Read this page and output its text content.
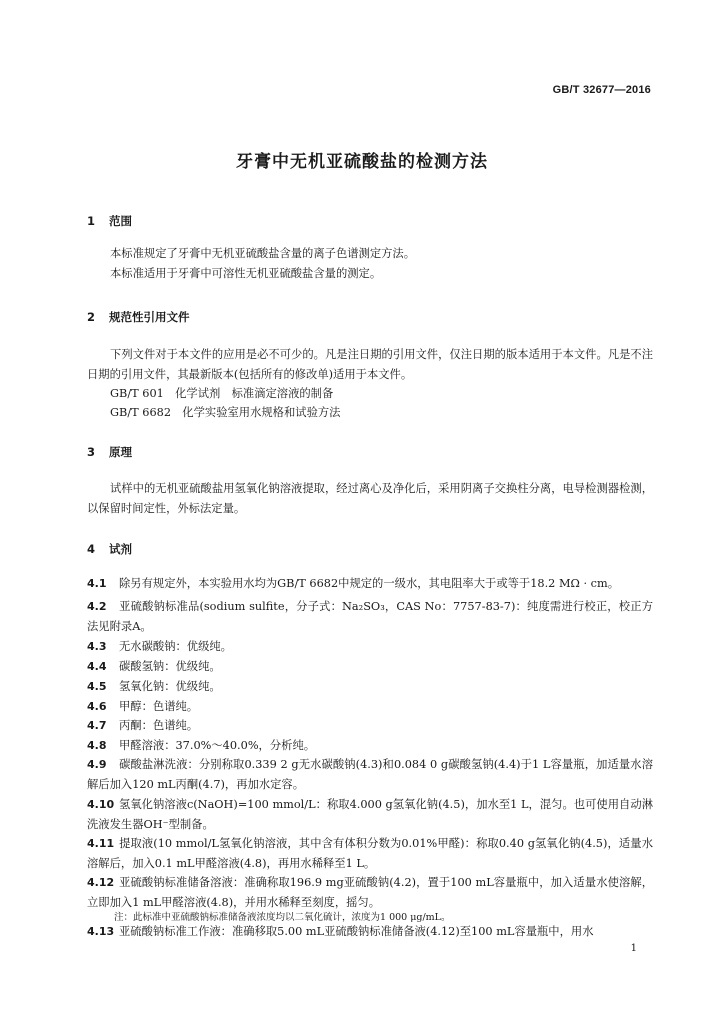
GB/T 32677—2016
牙膏中无机亚硫酸盐的检测方法
1 范围
本标准规定了牙膏中无机亚硫酸盐含量的离子色谱测定方法。
本标准适用于牙膏中可溶性无机亚硫酸盐含量的测定。
2 规范性引用文件
下列文件对于本文件的应用是必不可少的。凡是注日期的引用文件，仅注日期的版本适用于本文件。凡是不注日期的引用文件，其最新版本(包括所有的修改单)适用于本文件。
GB/T 601　化学试剂　标准滴定溶液的制备
GB/T 6682　化学实验室用水规格和试验方法
3 原理
试样中的无机亚硫酸盐用氢氧化钠溶液提取，经过离心及净化后，采用阴离子交换柱分离，电导检测器检测，以保留时间定性，外标法定量。
4 试剂
4.1 除另有规定外，本实验用水均为GB/T 6682中规定的一级水，其电阻率大于或等于18.2 MΩ · cm。
4.2 亚硫酸钠标准品(sodium sulfite，分子式：Na₂SO₃，CAS No：7757-83-7)：纯度需进行校正，校正方法见附录A。
4.3 无水碳酸钠：优级纯。
4.4 碳酸氢钠：优级纯。
4.5 氢氧化钠：优级纯。
4.6 甲醇：色谱纯。
4.7 丙酮：色谱纯。
4.8 甲醛溶液：37.0%～40.0%，分析纯。
4.9 碳酸盐淋洗液：分别称取0.339 2 g无水碳酸钠(4.3)和0.084 0 g碳酸氢钠(4.4)于1 L容量瓶，加适量水溶解后加入120 mL丙酮(4.7)，再加水定容。
4.10 氢氧化钠溶液c(NaOH)=100 mmol/L：称取4.000 g氢氧化钠(4.5)，加水至1 L，混匀。也可使用自动淋洗液发生器OH⁻型制备。
4.11 提取液(10 mmol/L氢氧化钠溶液，其中含有体积分数为0.01%甲醛)：称取0.40 g氢氧化钠(4.5)，适量水溶解后，加入0.1 mL甲醛溶液(4.8)，再用水稀释至1 L。
4.12 亚硫酸钠标准储备溶液：准确称取196.9 mg亚硫酸钠(4.2)，置于100 mL容量瓶中，加入适量水使溶解，立即加入1 mL甲醛溶液(4.8)，并用水稀释至刻度，摇匀。
注：此标准中亚硫酸钠标准储备液浓度均以二氧化硫计，浓度为1 000 μg/mL。
4.13 亚硫酸钠标准工作液：准确移取5.00 mL亚硫酸钠标准储备液(4.12)至100 mL容量瓶中，用水
1
